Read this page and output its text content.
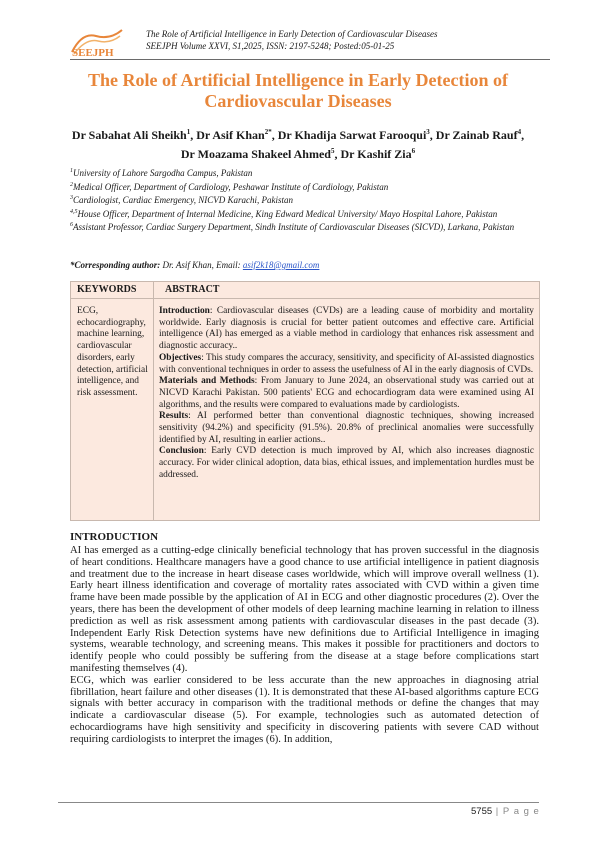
SEEJPH
The Role of Artificial Intelligence in Early Detection of Cardiovascular Diseases
SEEJPH Volume XXVI, S1,2025, ISSN: 2197-5248; Posted:05-01-25
The Role of Artificial Intelligence in Early Detection of Cardiovascular Diseases
Dr Sabahat Ali Sheikh$^1$, Dr Asif Khan$^{2*}$, Dr Khadija Sarwat Farooqui$^3$, Dr Zainab Rauf$^4$,
Dr Moazama Shakeel Ahmed$^5$, Dr Kashif Zia$^6$

$^1$University of Lahore Sargodha Campus, Pakistan

$^2$Medical Officer, Department of Cardiology, Peshawar Institute of Cardiology, Pakistan

$^3$Cardiologist, Cardiac Emergency, NICVD Karachi, Pakistan

$^{4,5}$House Officer, Department of Internal Medicine, King Edward Medical University/ Mayo Hospital Lahore, Pakistan

$^6$Assistant Professor, Cardiac Surgery Department, Sindh Institute of Cardiovascular Diseases (SICVD), Larkana, Pakistan

*Corresponding author: Dr. Asif Khan, Email: asif2k18@gmail.com
KEYWORDS	ABSTRACT
ECG, echocardiography, machine learning, cardiovascular disorders, early detection, artificial intelligence, and risk assessment.

Introduction: Cardiovascular diseases (CVDs) are a leading cause of morbidity and mortality worldwide. Early diagnosis is crucial for better patient outcomes and effective care. Artificial intelligence (AI) has emerged as a viable method in cardiology that enhances risk assessment and diagnostic accuracy..

Objectives: This study compares the accuracy, sensitivity, and specificity of AI-assisted diagnostics with conventional techniques in order to assess the usefulness of AI in the early diagnosis of CVDs.

Materials and Methods: From January to June 2024, an observational study was carried out at NICVD Karachi Pakistan. 500 patients' ECG and echocardiogram data were examined using AI algorithms, and the results were compared to evaluations made by cardiologists.

Results: AI performed better than conventional diagnostic techniques, showing increased sensitivity (94.2%) and specificity (91.5%). 20.8% of preclinical anomalies were successfully identified by AI, resulting in earlier actions..

Conclusion: Early CVD detection is much improved by AI, which also increases diagnostic accuracy. For wider clinical adoption, data bias, ethical issues, and implementation hurdles must be addressed.

INTRODUCTION

AI has emerged as a cutting-edge clinically beneficial technology that has proven successful in the diagnosis of heart conditions. Healthcare managers have a good chance to use artificial intelligence in patient diagnosis and treatment due to the increase in heart disease cases worldwide, which will improve overall wellness (1). Early heart illness identification and coverage of mortality rates associated with CVD within a given time frame have been made possible by the application of AI in ECG and other diagnostic procedures (2). Over the years, there has been the development of other models of deep learning machine learning in relation to illness prediction as well as risk assessment among patients with cardiovascular diseases in the past decade (3). Independent Early Risk Detection systems have new definitions due to Artificial Intelligence in imaging systems, wearable technology, and screening means. This makes it possible for practitioners and doctors to identify people who could possibly be suffering from the disease at a stage before complications start manifesting themselves (4).

ECG, which was earlier considered to be less accurate than the new approaches in diagnosing atrial fibrillation, heart failure and other diseases (1). It is demonstrated that these AI-based algorithms capture ECG signals with better accuracy in comparison with the traditional methods or define the changes that may indicate a cardiovascular disease (5). For example, technologies such as automated detection of echocardiograms have high sensitivity and specificity in discovering patients with severe CAD without requiring cardiologists to interpret the images (6). In addition,

5755 | P a g e
